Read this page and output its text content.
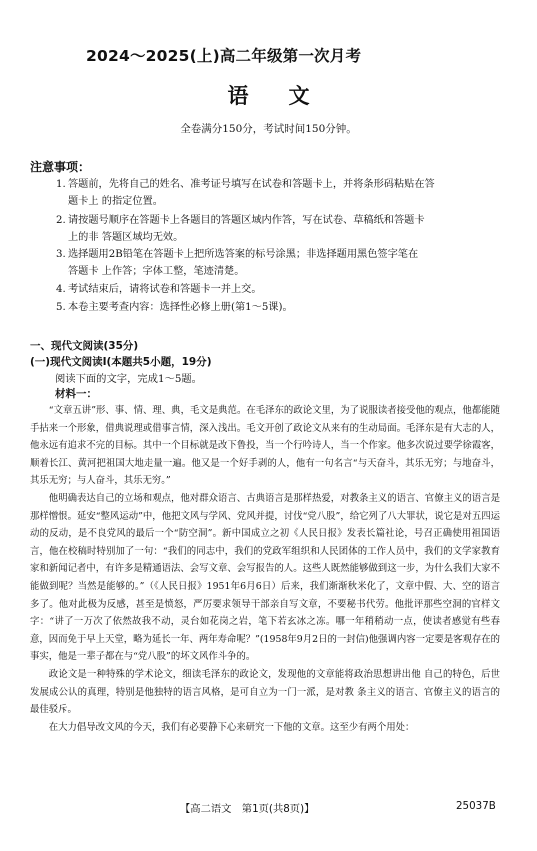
2024～2025(上)高二年级第一次月考
语文
全卷满分150分，考试时间150分钟。
注意事项：
1. 答题前，先将自己的姓名、准考证号填写在试卷和答题卡上，并将条形码粘贴在答
题卡上 的指定位置。
2. 请按题号顺序在答题卡上各题目的答题区域内作答，写在试卷、草稿纸和答题卡
上的非 答题区域均无效。
3. 选择题用2B铅笔在答题卡上把所选答案的标号涂黑；非选择题用黑色签字笔在
答题卡 上作答；字体工整，笔迹清楚。
4. 考试结束后，请将试卷和答题卡一并上交。
5. 本卷主要考查内容：选择性必修上册(第1～5课)。
一、现代文阅读(35分)
(一)现代文阅读Ⅰ(本题共5小题，19分)
阅读下面的文字，完成1～5题。
材料一：

“文章五讲”形、事、情、理、典，毛文是典范。在毛泽东的政论文里，为了说服读者接受他的观点，他都能随手拈来一个形象，借典说理或借事言情，深入浅出。毛文开创了政论文从来有的生动局面。毛泽东是有大志的人，他永远有追求不完的目标。其中一个目标就是改下鲁投，当一个行吟诗人，当一个作家。他多次说过要学徐霞客，顺着长江、黄河把祖国大地走量一遍。他又是一个好手剥的人，他有一句名言“与天奋斗，其乐无穷；与地奋斗，其乐无穷；与人奋斗，其乐无穷。”

他明确表达自己的立场和观点，他对群众语言、古典语言是那样热爱，对教条主义的语言、官僚主义的语言是那样憎恨。延安“整风运动”中，他把文风与学风、党风并提，讨伐“党八股”，给它列了八大罪状，说它是对五四运动的反动，是不良党风的最后一个“防空洞”。新中国成立之初《人民日报》发表长篇社论，号召正确使用祖国语言，他在校稿时特别加了一句：“我们的同志中，我们的党政军组织和人民团体的工作人员中，我们的文学家教育家和新闻记者中，有许多是精通语法、会写文章、会写报告的人。这些人既然能够做到这一步，为什么我们大家不能做到呢？当然是能够的。”（《人民日报》1951年6月6日）后来，我们渐渐秋米化了，文章中假、大、空的语言多了。他对此极为反感，甚至是愤怒，严厉要求领导干部亲自写文章，不要秘书代劳。他批评那些空洞的官样文字：“讲了一万次了依然故我不动，灵台如花岗之岩，笔下若玄冰之冻。哪一年稍稍动一点，使读者感觉有些春意，因而免于早上天堂，略为延长一年、两年寿命呢？”(1958年9月2日的一封信)他强调内容一定要是客观存在的事实，他是一辈子都在与“党八股”的坏文风作斗争的。

政论文是一种特殊的学术论文，细读毛泽东的政论文，发现他的文章能将政治思想讲出他 自己的特色，后世发展成公认的真理，特别是他独特的语言风格，是可自立为一门一派，是对教 条主义的语言、官僚主义的语言的最佳驳斥。

在大力倡导改文风的今天，我们有必要静下心来研究一下他的文章。这至少有两个用处：

【高二语文　第1页(共8页)】	25037B
